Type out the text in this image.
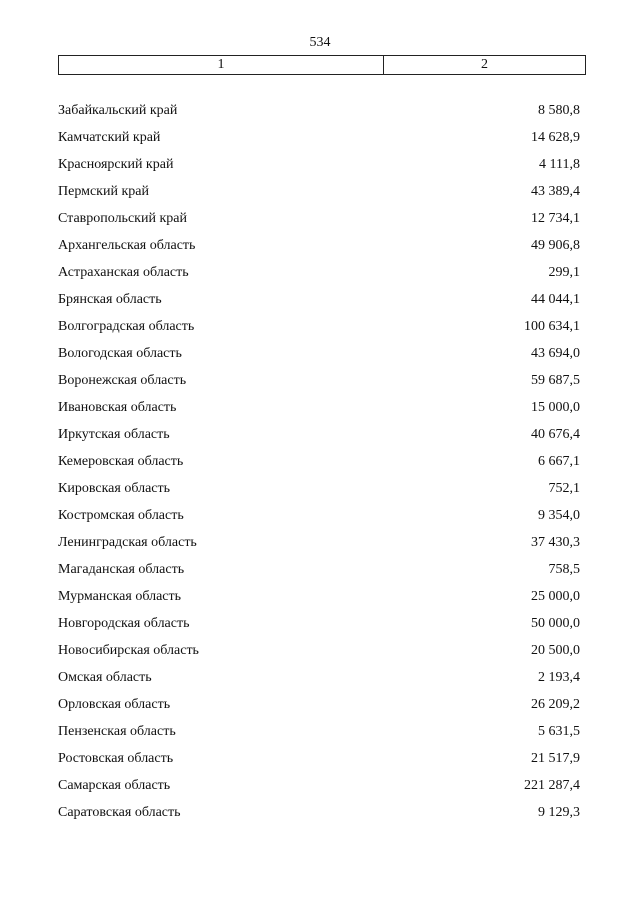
534
1	2
Забайкальский край	8 580,8
Камчатский край	14 628,9
Красноярский край	4 111,8
Пермский край	43 389,4
Ставропольский край	12 734,1
Архангельская область	49 906,8
Астраханская область	299,1
Брянская область	44 044,1
Волгоградская область	100 634,1
Вологодская область	43 694,0
Воронежская область	59 687,5
Ивановская область	15 000,0
Иркутская область	40 676,4
Кемеровская область	6 667,1
Кировская область	752,1
Костромская область	9 354,0
Ленинградская область	37 430,3
Магаданская область	758,5
Мурманская область	25 000,0
Новгородская область	50 000,0
Новосибирская область	20 500,0
Омская область	2 193,4
Орловская область	26 209,2
Пензенская область	5 631,5
Ростовская область	21 517,9
Самарская область	221 287,4
Саратовская область	9 129,3
